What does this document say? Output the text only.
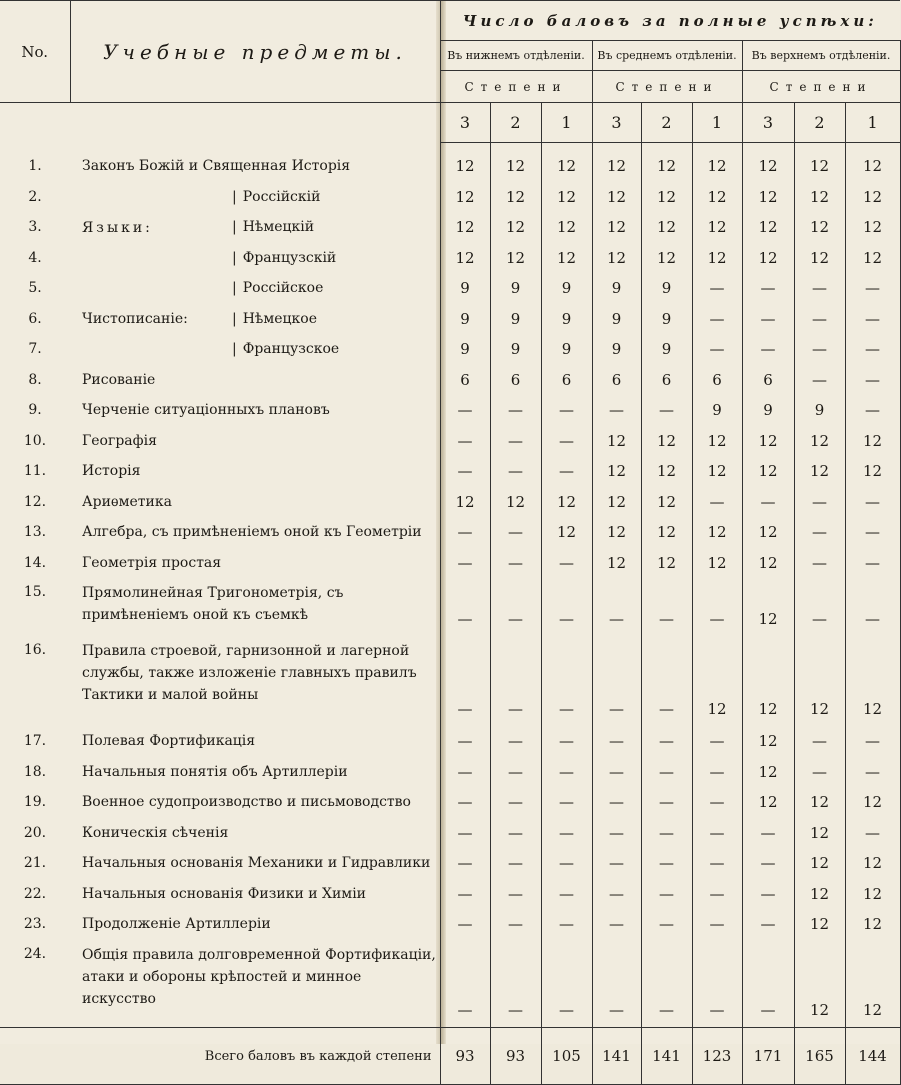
No.	Учебные предметы.	Число баловъ за полные успѣхи:								
		Въ нижнемъ отдѣленіи.			Въ среднемъ отдѣленіи.			Въ верхнемъ отдѣленіи.		
		Степени			Степени			Степени		
		3	2	1	3	2	1	3	2	1

1.	Законъ Божій и Священная Исторія	12	12	12	12	12	12	12	12	12
2.	Языки:| Россійскій	12	12	12	12	12	12	12	12	12
3.	| Нѣмецкій	12	12	12	12	12	12	12	12	12
4.	| Французскій	12	12	12	12	12	12	12	12	12
5.	Чистописаніе:| Россійское	9	9	9	9	9	—	—	—	—
6.	| Нѣмецкое	9	9	9	9	9	—	—	—	—
7.	| Французское	9	9	9	9	9	—	—	—	—
8.	Рисованіе	6	6	6	6	6	6	6	—	—
9.	Черченіе ситуаціонныхъ плановъ	—	—	—	—	—	9	9	9	—
10.	Географія	—	—	—	12	12	12	12	12	12
11.	Исторія	—	—	—	12	12	12	12	12	12
12.	Ариѳметика	12	12	12	12	12	—	—	—	—
13.	Алгебра, съ примѣненіемъ оной къ Геометріи	—	—	12	12	12	12	12	—	—
14.	Геометрія простая	—	—	—	12	12	12	12	—	—
15.	Прямолинейная Тригонометрія, съ примѣненіемъ оной къ съемкѣ	—	—	—	—	—	—	12	—	—
16.	Правила строевой, гарнизонной и лагерной службы, также изложеніе главныхъ правилъ Тактики и малой войны	—	—	—	—	—	12	12	12	12
17.	Полевая Фортификація	—	—	—	—	—	—	12	—	—
18.	Начальныя понятія объ Артиллеріи	—	—	—	—	—	—	12	—	—
19.	Военное судопроизводство и письмоводство	—	—	—	—	—	—	12	12	12
20.	Коническія сѣченія	—	—	—	—	—	—	—	12	—
21.	Начальныя основанія Механики и Гидравлики	—	—	—	—	—	—	—	12	12
22.	Начальныя основанія Физики и Химіи	—	—	—	—	—	—	—	12	12
23.	Продолженіе Артиллеріи	—	—	—	—	—	—	—	12	12
24.	Общія правила долговременной Фортификаціи, атаки и обороны крѣпостей и минное искусство	—	—	—	—	—	—	—	12	12
	Всего баловъ въ каждой степени	93	93	105	141	141	123	171	165	144
